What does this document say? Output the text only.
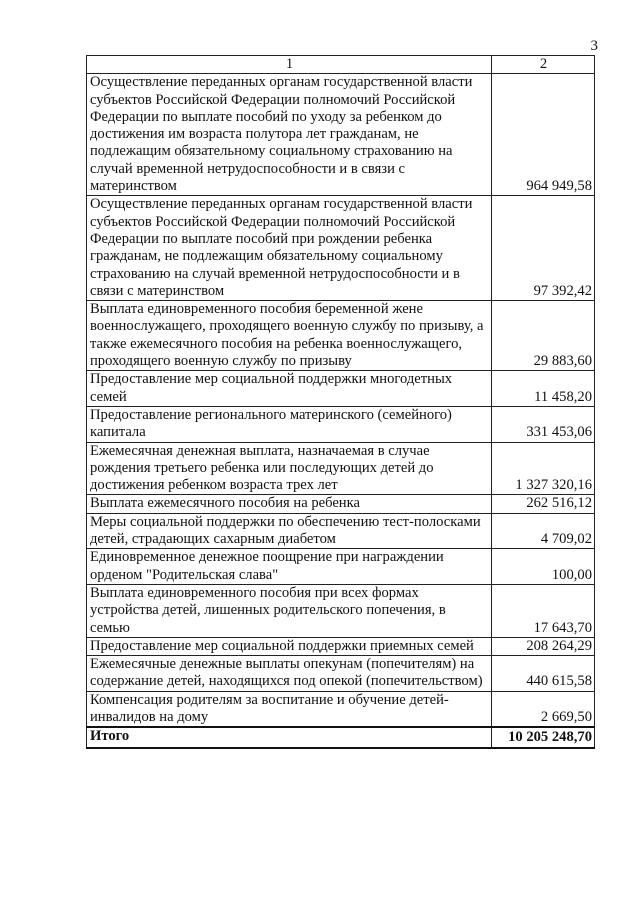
3
1	2
Осуществление переданных органам государственной власти субъектов Российской Федерации полномочий Российской Федерации по выплате пособий по уходу за ребенком до достижения им возраста полутора лет гражданам, не подлежащим обязательному социальному страхованию на случай временной нетрудоспособности и в связи с материнством	964 949,58
Осуществление переданных органам государственной власти субъектов Российской Федерации полномочий Российской Федерации по выплате пособий при рождении ребенка гражданам, не подлежащим обязательному социальному страхованию на случай временной нетрудоспособности и в связи с материнством	97 392,42
Выплата единовременного пособия беременной жене военнослужащего, проходящего военную службу по призыву, а также ежемесячного пособия на ребенка военнослужащего, проходящего военную службу по призыву	29 883,60
Предоставление мер социальной поддержки многодетных семей	11 458,20
Предоставление регионального материнского (семейного) капитала	331 453,06
Ежемесячная денежная выплата, назначаемая в случае рождения третьего ребенка или последующих детей до достижения ребенком возраста трех лет	1 327 320,16
Выплата ежемесячного пособия на ребенка	262 516,12
Меры социальной поддержки по обеспечению тест-полосками детей, страдающих сахарным диабетом	4 709,02
Единовременное денежное поощрение при награждении орденом "Родительская слава"	100,00
Выплата единовременного пособия при всех формах устройства детей, лишенных родительского попечения, в семью	17 643,70
Предоставление мер социальной поддержки приемных семей	208 264,29
Ежемесячные денежные выплаты опекунам (попечителям) на содержание детей, находящихся под опекой (попечительством)	440 615,58
Компенсация родителям за воспитание и обучение детей-инвалидов на дому	2 669,50
Итого	10 205 248,70
